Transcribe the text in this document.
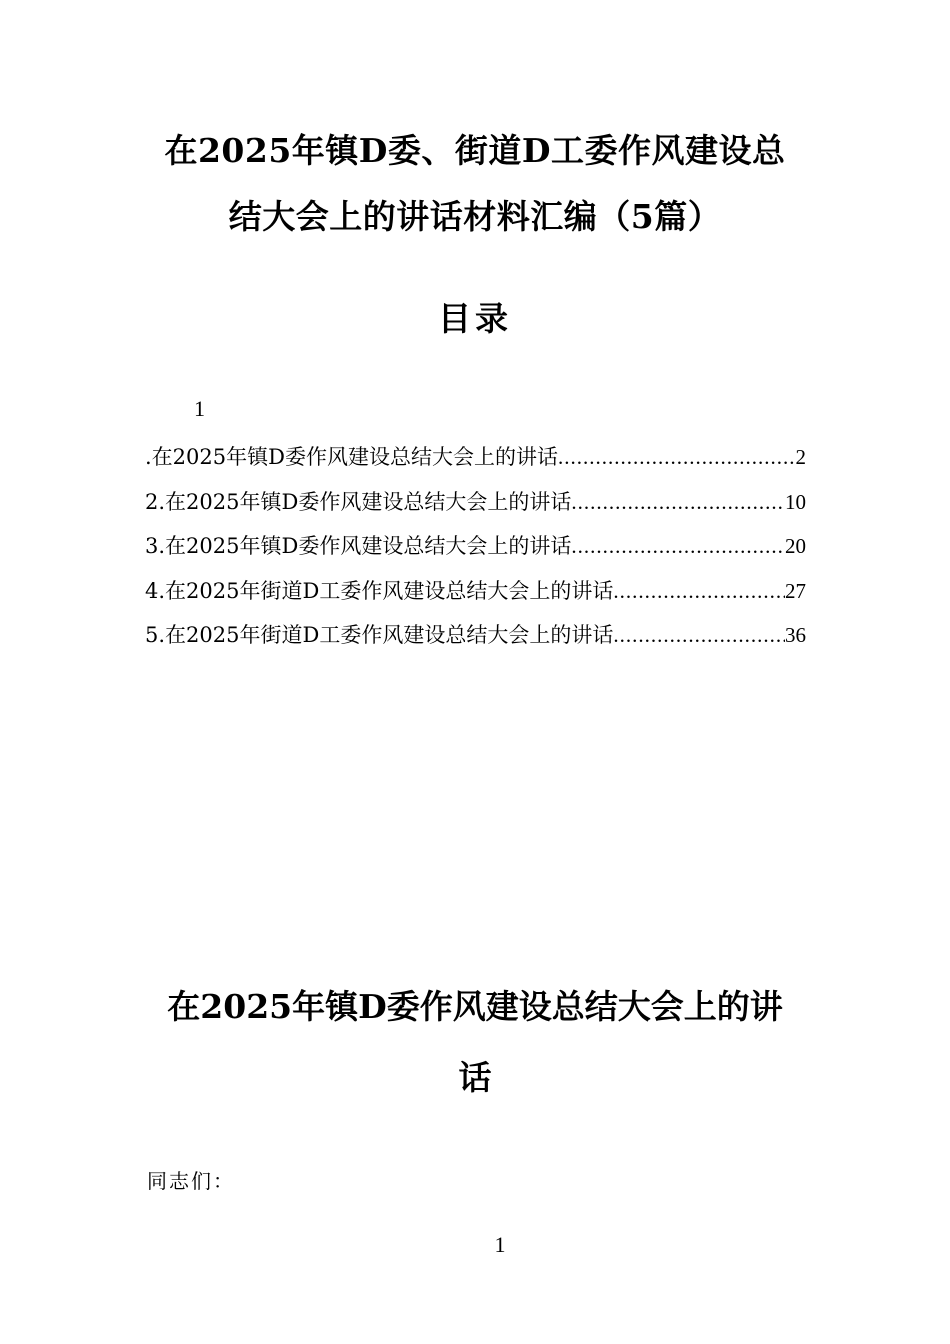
在2025年镇D委、街道D工委作风建设总
结大会上的讲话材料汇编（5篇）
目录
1
.在2025年镇D委作风建设总结大会上的讲话 .....	2
2.在2025年镇D委作风建设总结大会上的讲话 .....	10
3.在2025年镇D委作风建设总结大会上的讲话 .....	20
4.在2025年街道D工委作风建设总结大会上的讲话 .....	27
5.在2025年街道D工委作风建设总结大会上的讲话 .....	36
在2025年镇D委作风建设总结大会上的讲
话
同志们：
1
